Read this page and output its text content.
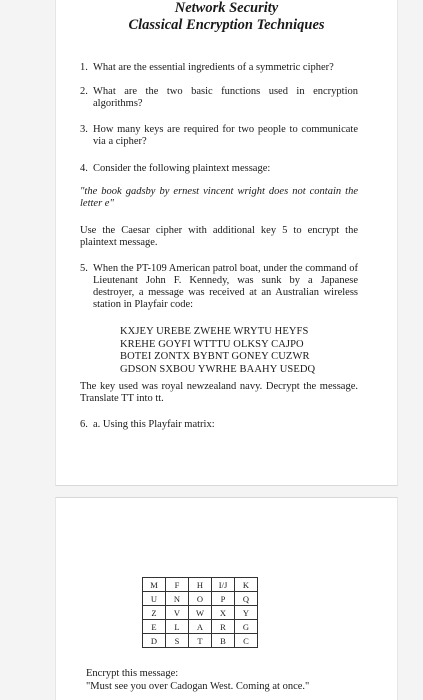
Network Security
Classical Encryption Techniques
1. What are the essential ingredients of a symmetric cipher?
2. What are the two basic functions used in encryption algorithms?
3. How many keys are required for two people to communicate via a cipher?
4. Consider the following plaintext message:
"the book gadsby by ernest vincent wright does not contain the letter e"
Use the Caesar cipher with additional key 5 to encrypt the plaintext message.
5. When the PT-109 American patrol boat, under the command of Lieutenant John F. Kennedy, was sunk by a Japanese destroyer, a message was received at an Australian wireless station in Playfair code:
KXJEY UREBE ZWEHE WRYTU HEYFS
KREHE GOYFI WTTTU OLKSY CAJPO
BOTEI ZONTX BYBNT GONEY CUZWR
GDSON SXBOU YWRHE BAAHY USEDQ
The key used was royal newzealand navy. Decrypt the message. Translate TT into tt.
6. a. Using this Playfair matrix:
M	F	H	I/J	K
U	N	O	P	Q
Z	V	W	X	Y
E	L	A	R	G
D	S	T	B	C
Encrypt this message:
"Must see you over Cadogan West. Coming at once."
